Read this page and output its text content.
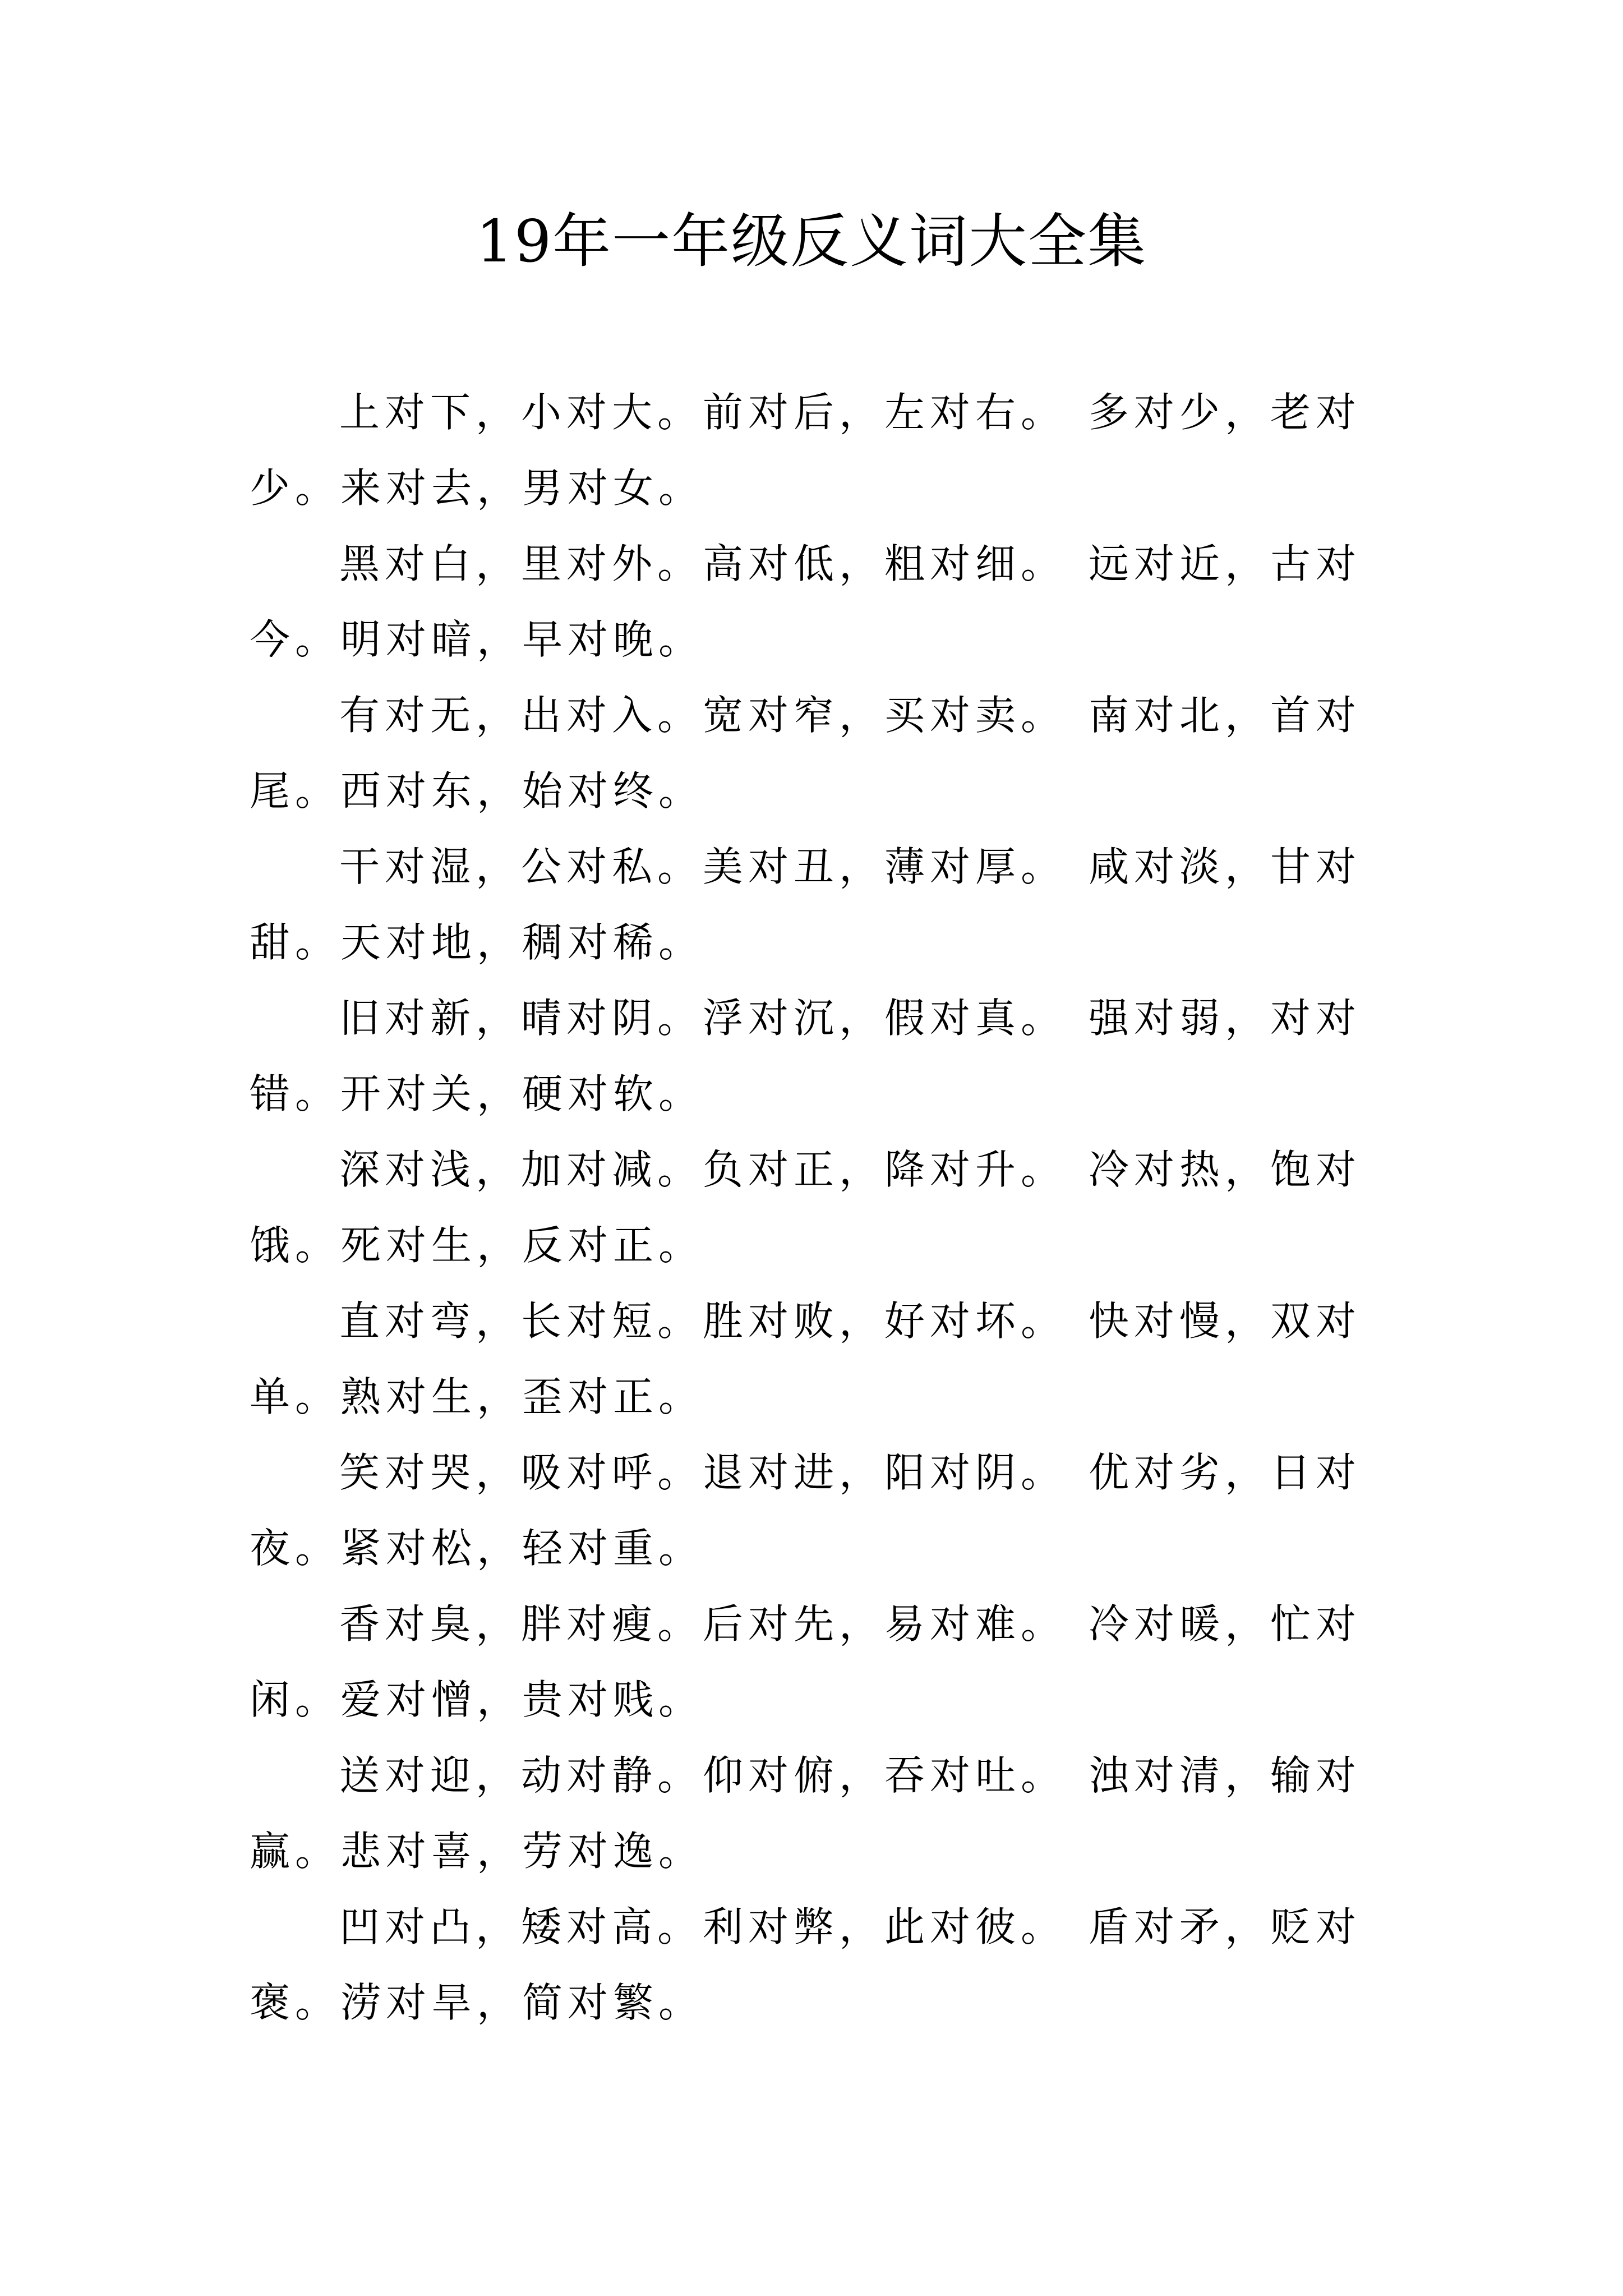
19年一年级反义词大全集

上对下，小对大。前对后，左对右。 多对少，老对少。来对去，男对女。

黑对白，里对外。高对低，粗对细。 远对近，古对今。明对暗，早对晚。

有对无，出对入。宽对窄，买对卖。 南对北，首对尾。西对东，始对终。

干对湿，公对私。美对丑，薄对厚。 咸对淡，甘对甜。天对地，稠对稀。

旧对新，晴对阴。浮对沉，假对真。 强对弱，对对错。开对关，硬对软。

深对浅，加对减。负对正，降对升。 冷对热，饱对饿。死对生，反对正。

直对弯，长对短。胜对败，好对坏。 快对慢，双对单。熟对生，歪对正。

笑对哭，吸对呼。退对进，阳对阴。 优对劣，日对夜。紧对松，轻对重。

香对臭，胖对瘦。后对先，易对难。 冷对暖，忙对闲。爱对憎，贵对贱。

送对迎，动对静。仰对俯，吞对吐。 浊对清，输对赢。悲对喜，劳对逸。

凹对凸，矮对高。利对弊，此对彼。 盾对矛，贬对褒。涝对旱，简对繁。
